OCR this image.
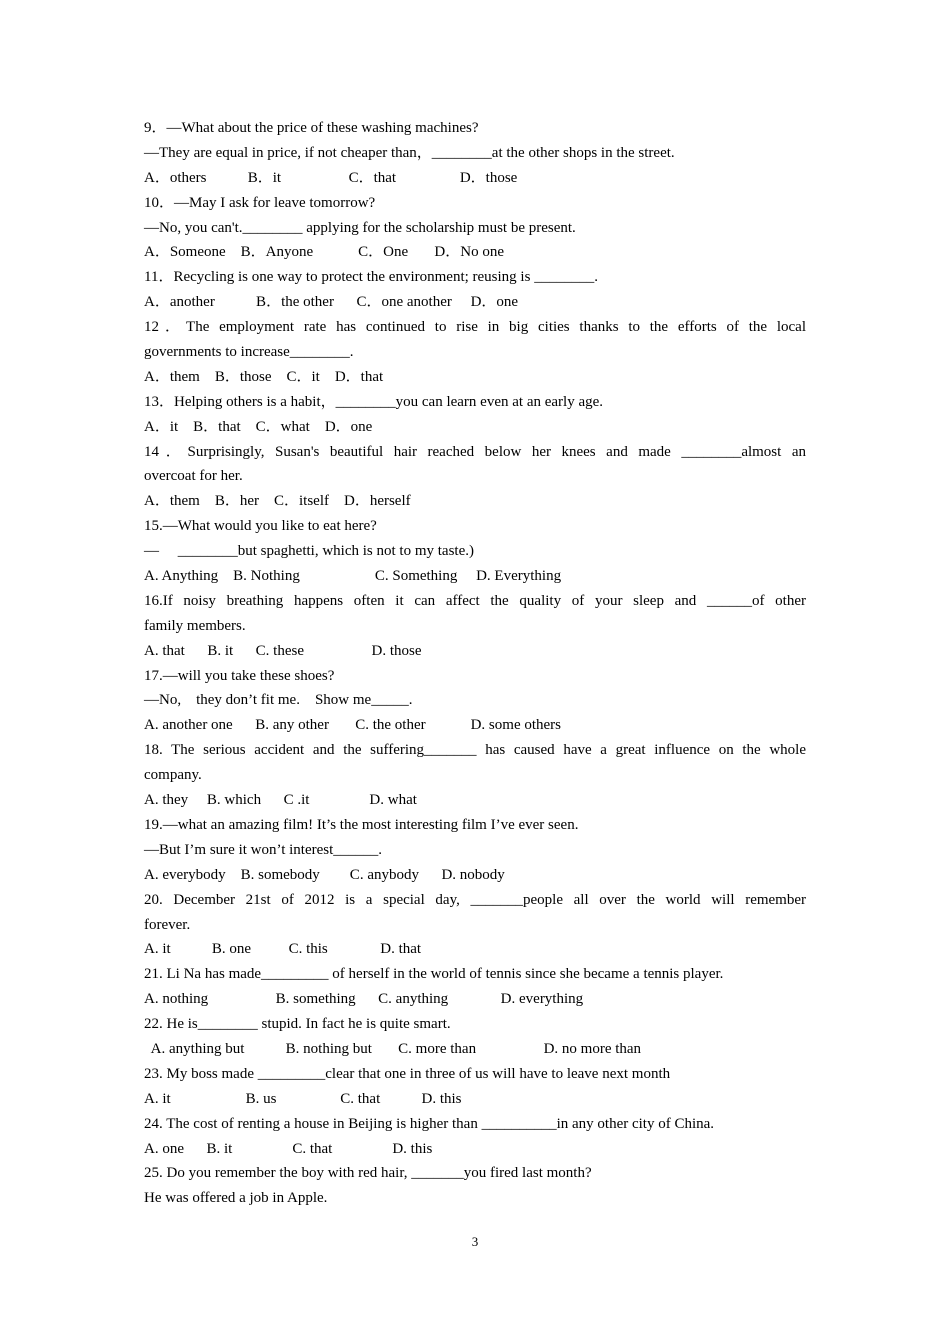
9．—What about the price of these washing machines?
—They are equal in price, if not cheaper than，________at the other shops in the street.
A．others           B．it                  C．that                 D．those
10．—May I ask for leave tomorrow?
—No, you can't.________ applying for the scholarship must be present.
A．Someone    B．Anyone            C．One       D．No one
11．Recycling is one way to protect the environment; reusing is ________.
A．another           B．the other      C．one another     D．one
12．The employment rate has continued to rise in big cities thanks to the efforts of the local
governments to increase________.
A．them    B．those    C．it    D．that
13．Helping others is a habit，________you can learn even at an early age.
A．it    B．that    C．what    D．one
14．Surprisingly, Susan's beautiful hair reached below her knees and made ________almost an
overcoat for her.
A．them    B．her    C．itself    D．herself
15.—What would you like to eat here?
—     ________but spaghetti, which is not to my taste.)
A. Anything    B. Nothing                    C. Something     D. Everything
16.If noisy breathing happens often it can affect the quality of your sleep and ______of other
family members.
A. that      B. it      C. these                  D. those
17.—will you take these shoes?
—No,    they don’t fit me.    Show me_____.
A. another one      B. any other       C. the other            D. some others
18. The serious accident and the suffering_______ has caused have a great influence on the whole
company.
A. they     B. which      C .it                D. what
19.—what an amazing film! It’s the most interesting film I’ve ever seen.
—But I’m sure it won’t interest______.
A. everybody    B. somebody        C. anybody      D. nobody
20. December 21st of 2012 is a special day, _______people all over the world will remember
forever.
A. it           B. one          C. this              D. that
21. Li Na has made_________ of herself in the world of tennis since she became a tennis player.
A. nothing                  B. something      C. anything              D. everything
22. He is________ stupid. In fact he is quite smart.
A. anything but           B. nothing but       C. more than                  D. no more than
23. My boss made _________clear that one in three of us will have to leave next month
A. it                    B. us                 C. that           D. this
24. The cost of renting a house in Beijing is higher than __________in any other city of China.
A. one      B. it                C. that                D. this
25. Do you remember the boy with red hair, _______you fired last month?
He was offered a job in Apple.
3
